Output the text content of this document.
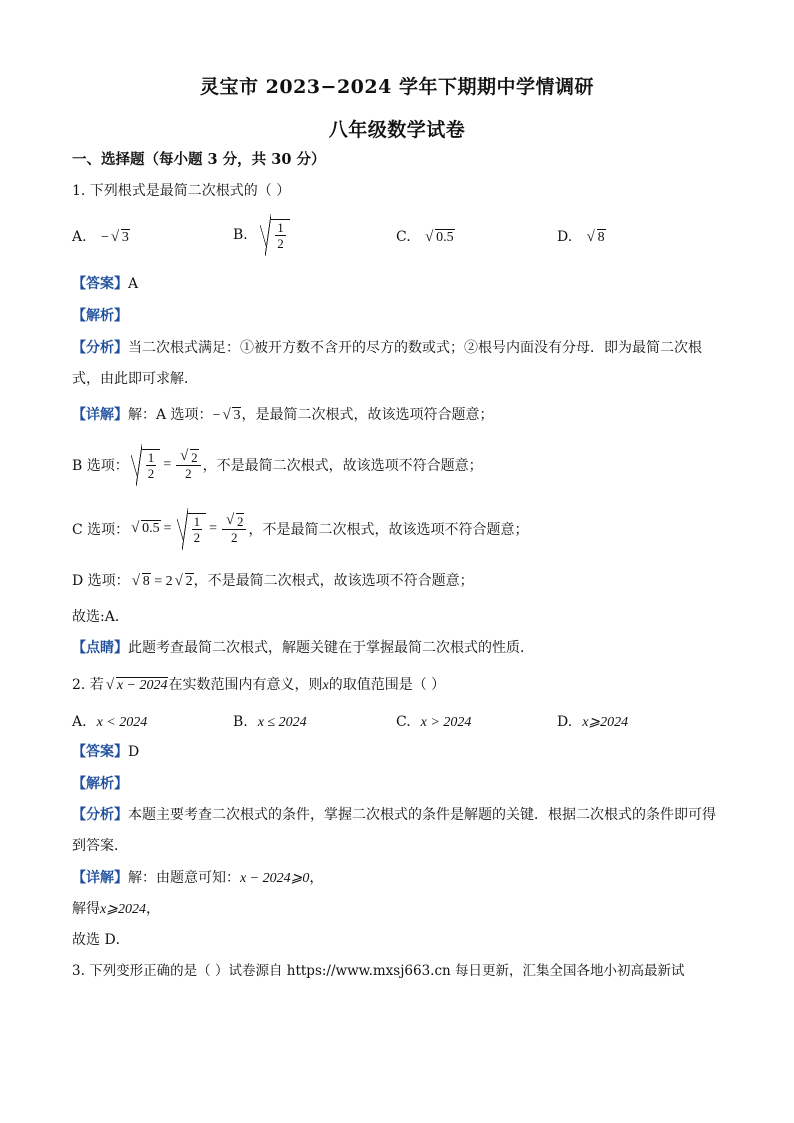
灵宝市 2023−2024 学年下期期中学情调研
八年级数学试卷
一、选择题（每小题 3 分，共 30 分）
1. 下列根式是最简二次根式的（ ）
A. − √ 3	B. $\frac{1}{2}$	C. √ 0.5	D. √ 8
【答案】A
【解析】
【分析】当二次根式满足：①被开方数不含开的尽方的数或式；②根号内面没有分母．即为最简二次根
式，由此即可求解．
【详解】解：A 选项：− √ 3，是最简二次根式，故该选项符合题意；
B 选项： $\frac{1}{2}$ = √ $\frac{2}{2}$ ，不是最简二次根式，故该选项不符合题意；
C 选项： √ $0.5 = \frac{1}{2}$ = √ $\frac{2}{2}$ ，不是最简二次根式，故该选项不符合题意；
D 选项： √ 8 = 2 √ 2，不是最简二次根式，故该选项不符合题意；
故选:A．
【点睛】此题考查最简二次根式，解题关键在于掌握最简二次根式的性质．
2. 若 √ x − 2024在实数范围内有意义，则x的取值范围是（ ）
A. x < 2024	B. x ≤ 2024	C. x > 2024	D. x⩾2024
【答案】D
【解析】
【分析】本题主要考查二次根式的条件，掌握二次根式的条件是解题的关键．根据二次根式的条件即可得
到答案．
【详解】解：由题意可知：x − 2024⩾0，
解得x⩾2024，
故选 D．
3. 下列变形正确的是（ ）试卷源自 https://www.mxsj663.cn 每日更新，汇集全国各地小初高最新试
